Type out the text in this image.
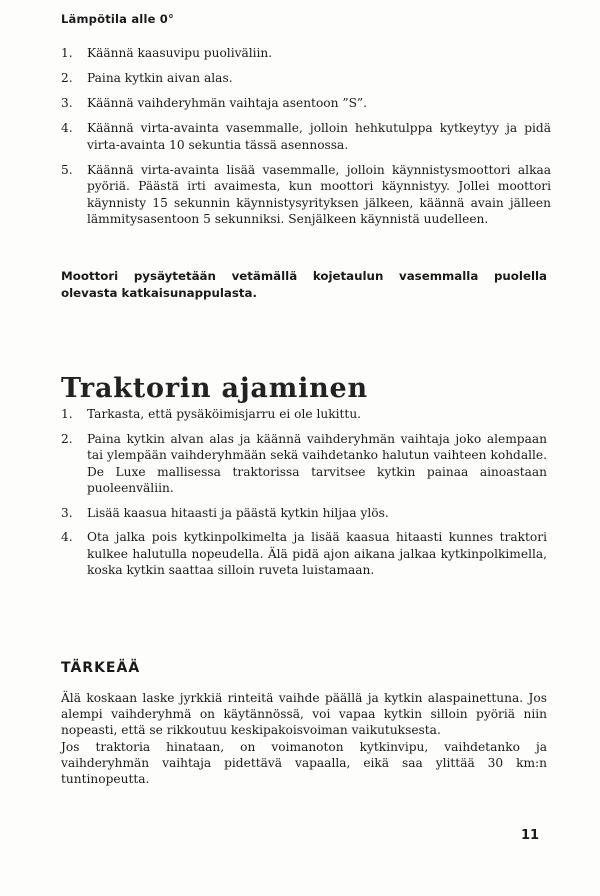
Lämpötila alle 0°
1.	Käännä kaasuvipu puoliväliin.
2.	Paina kytkin aivan alas.
3.	Käännä vaihderyhmän vaihtaja asentoon ”S”.
4.	Käännä virta-avainta vasemmalle, jolloin hehkutulppa kytkeytyy ja pidä virta-avainta 10 sekuntia tässä asennossa.
5.	Käännä virta-avainta lisää vasemmalle, jolloin käynnistysmoottori alkaa pyöriä. Päästä irti avaimesta, kun moottori käynnistyy. Jollei moottori käynnisty 15 sekunnin käynnistysyrityksen jälkeen, käännä avain jälleen lämmitysasentoon 5 sekunniksi. Senjälkeen käynnistä uudelleen.
Moottori pysäytetään vetämällä kojetaulun vasemmalla puolella olevasta katkaisunappulasta.
Traktorin ajaminen
1.	Tarkasta, että pysäköimisjarru ei ole lukittu.
2.	Paina kytkin alvan alas ja käännä vaihderyhmän vaihtaja joko alempaan tai ylempään vaihderyhmään sekä vaihdetanko halutun vaihteen kohdalle. De Luxe mallisessa traktorissa tarvitsee kytkin painaa ainoastaan puoleenväliin.
3.	Lisää kaasua hitaasti ja päästä kytkin hiljaa ylös.
4.	Ota jalka pois kytkinpolkimelta ja lisää kaasua hitaasti kunnes traktori kulkee halutulla nopeudella. Älä pidä ajon aikana jalkaa kytkinpolkimella, koska kytkin saattaa silloin ruveta luistamaan.
TÄRKEÄÄ

Älä koskaan laske jyrkkiä rinteitä vaihde päällä ja kytkin alaspainettuna. Jos alempi vaihderyhmä on käytännössä, voi vapaa kytkin silloin pyöriä niin nopeasti, että se rikkoutuu keskipakoisvoiman vaikutuksesta.

Jos traktoria hinataan, on voimanoton kytkinvipu, vaihdetanko ja vaihderyhmän vaihtaja pidettävä vapaalla, eikä saa ylittää 30 km:n tuntinopeutta.

11
